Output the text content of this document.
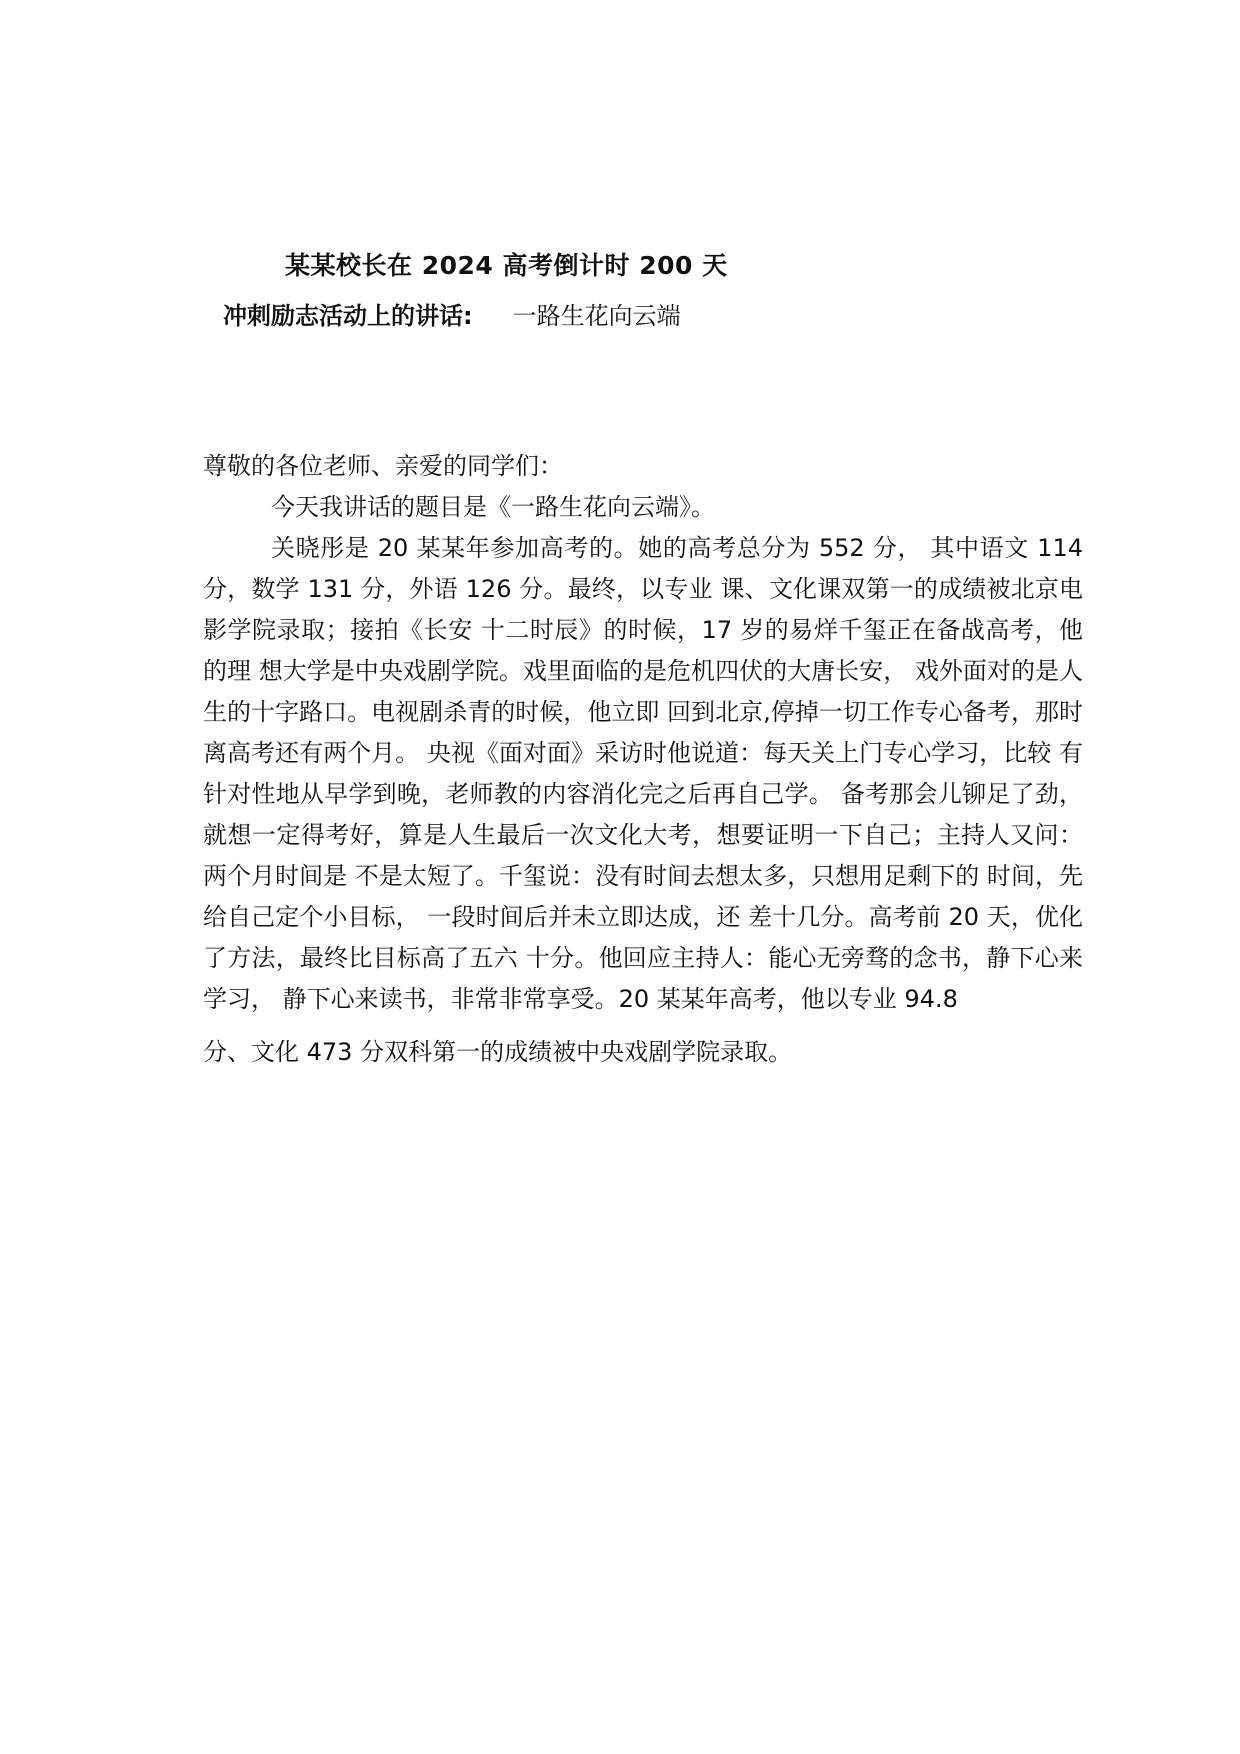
某某校长在 2024 高考倒计时 200 天
冲刺励志活动上的讲话: 一路生花向云端

尊敬的各位老师、亲爱的同学们：

今天我讲话的题目是《一路生花向云端》。

关晓彤是 20 某某年参加高考的。她的高考总分为 552 分， 其中语文 114 分，数学 131 分，外语 126 分。最终，以专业 课、文化课双第一的成绩被北京电影学院录取；接拍《长安 十二时辰》的时候，17 岁的易烊千玺正在备战高考，他的理 想大学是中央戏剧学院。戏里面临的是危机四伏的大唐长安， 戏外面对的是人生的十字路口。电视剧杀青的时候，他立即 回到北京,停掉一切工作专心备考，那时离高考还有两个月。 央视《面对面》采访时他说道：每天关上门专心学习，比较 有针对性地从早学到晚，老师教的内容消化完之后再自己学。 备考那会儿铆足了劲，就想一定得考好，算是人生最后一次文化大考，想要证明一下自己；主持人又问：两个月时间是 不是太短了。千玺说：没有时间去想太多，只想用足剩下的 时间，先给自己定个小目标， 一段时间后并未立即达成，还 差十几分。高考前 20 天，优化了方法，最终比目标高了五六 十分。他回应主持人：能心无旁骛的念书，静下心来学习， 静下心来读书，非常非常享受。20 某某年高考，他以专业 94.8

分、文化 473 分双科第一的成绩被中央戏剧学院录取。
